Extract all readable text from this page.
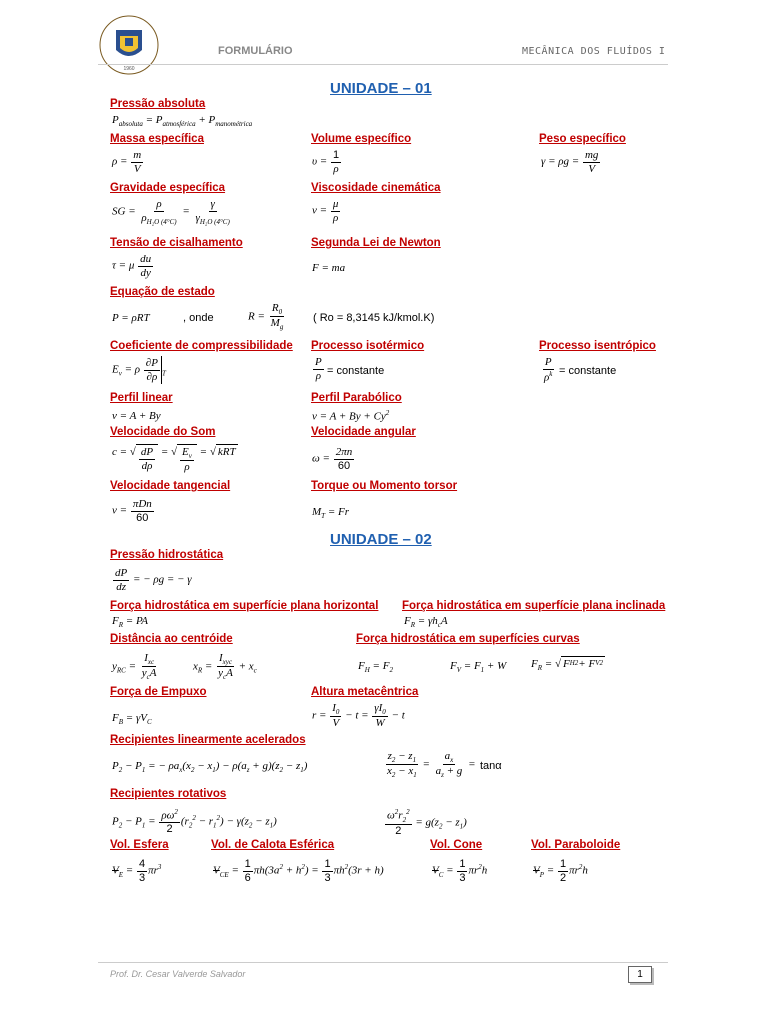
1960
FORMULÁRIO	MECÂNICA DOS FLUÍDOS I
UNIDADE – 01
Pressão absoluta
$P_{absoluta} = P_{atmosférica} + P_{manométrica}$
Massa específica
$\rho = \frac{m}{V}$
Volume específico
$\upsilon = \frac{1}{\rho}$
Peso específico
$\gamma = \rho g = \frac{mg}{V}$
Gravidade específica
SG = $\frac{\rho}{\rho_{H_2O (4^\circ C)}} = \frac{\gamma}{\gamma_{H_2O (4^\circ C)}}$
Viscosidade cinemática
$\nu = \frac{\mu}{\rho}$
Tensão de cisalhamento
τ = μ $\frac{du}{dy}$
Segunda Lei de Newton
F = ma
Equação de estado
P = ρRT	, onde	$R = \frac{R_0}{M_g}$	( Ro = 8,3145 kJ/kmol.K)
Coeficiente de compressibilidade
$E_v = \rho \frac{\partial P}{\partial\rho} _T$
Processo isotérmico
$\frac{P}{\rho}$ = constante
Processo isentrópico
$\frac{P}{\rho^k}$ = constante
Perfil linear
v = A + By
Perfil Parabólico
$v = A + By + Cy^2$
Velocidade do Som
c = √ $\frac{dP}{d\rho}$ = √ $\frac{E_v}{\rho}$ = √ kRT
Velocidade angular
$\omega = \frac{2\pi n}{60}$
Velocidade tangencial
$v = \frac{\text{πDn}}{60}$
Torque ou Momento torsor
$M_T = Fr$
UNIDADE – 02
Pressão hidrostática
$\frac{dP}{dz}$ = − ρg = − γ
Força hidrostática em superfície plana horizontal
$F_R$ = PA
Força hidrostática em superfície plana inclinada
$F_R = \gamma h_cA$
Distância ao centróide
$y_{RC} = \frac{I_{xc}}{y_cA}$	$x_R = \frac{I_{xyc}}{y_cA} + x_c$
Força hidrostática em superfícies curvas
$F_H = F_2$	$F_V = F_1 + W$ $F_R$ = √ F H 2 + F V 2
Força de Empuxo
$F_B = \gamma V_C$
Altura metacêntrica
$r = \frac{I_0}{V} - t = \frac{\gamma I_0}{W} - t$
Recipientes linearmente acelerados
$P_2 - P_1$ = − $\rho a_x(x_2 - x_1) - \rho(a_z + g)(z_2 - z_1)$	$\frac{z_2 - z_1}{x_2 - x_1} = \frac{a_x}{a_z + g} = \tan\alpha$
Recipientes rotativos
$P_2 - P_1 = \frac{\rho\omega^2}{2} (r_2^2 - r_1^2) - \gamma(z_2 - z_1)$	$\frac{\omega^2r_2^2}{2} = g(z_2 - z_1)$
Vol. Esfera
$V_E = \frac{4}{3} \pi r^3$
Vol. de Calota Esférica
$V_{CE} = \frac{1}{6} \pi h(3a^2 + h^2) = \frac{1}{3} \pi h^2(3r + h)$
Vol. Cone
$V_C = \frac{1}{3} \pi r^2h$
Vol. Paraboloide
$V_P = \frac{1}{2} \pi r^2h$
Prof. Dr. Cesar Valverde Salvador	1
